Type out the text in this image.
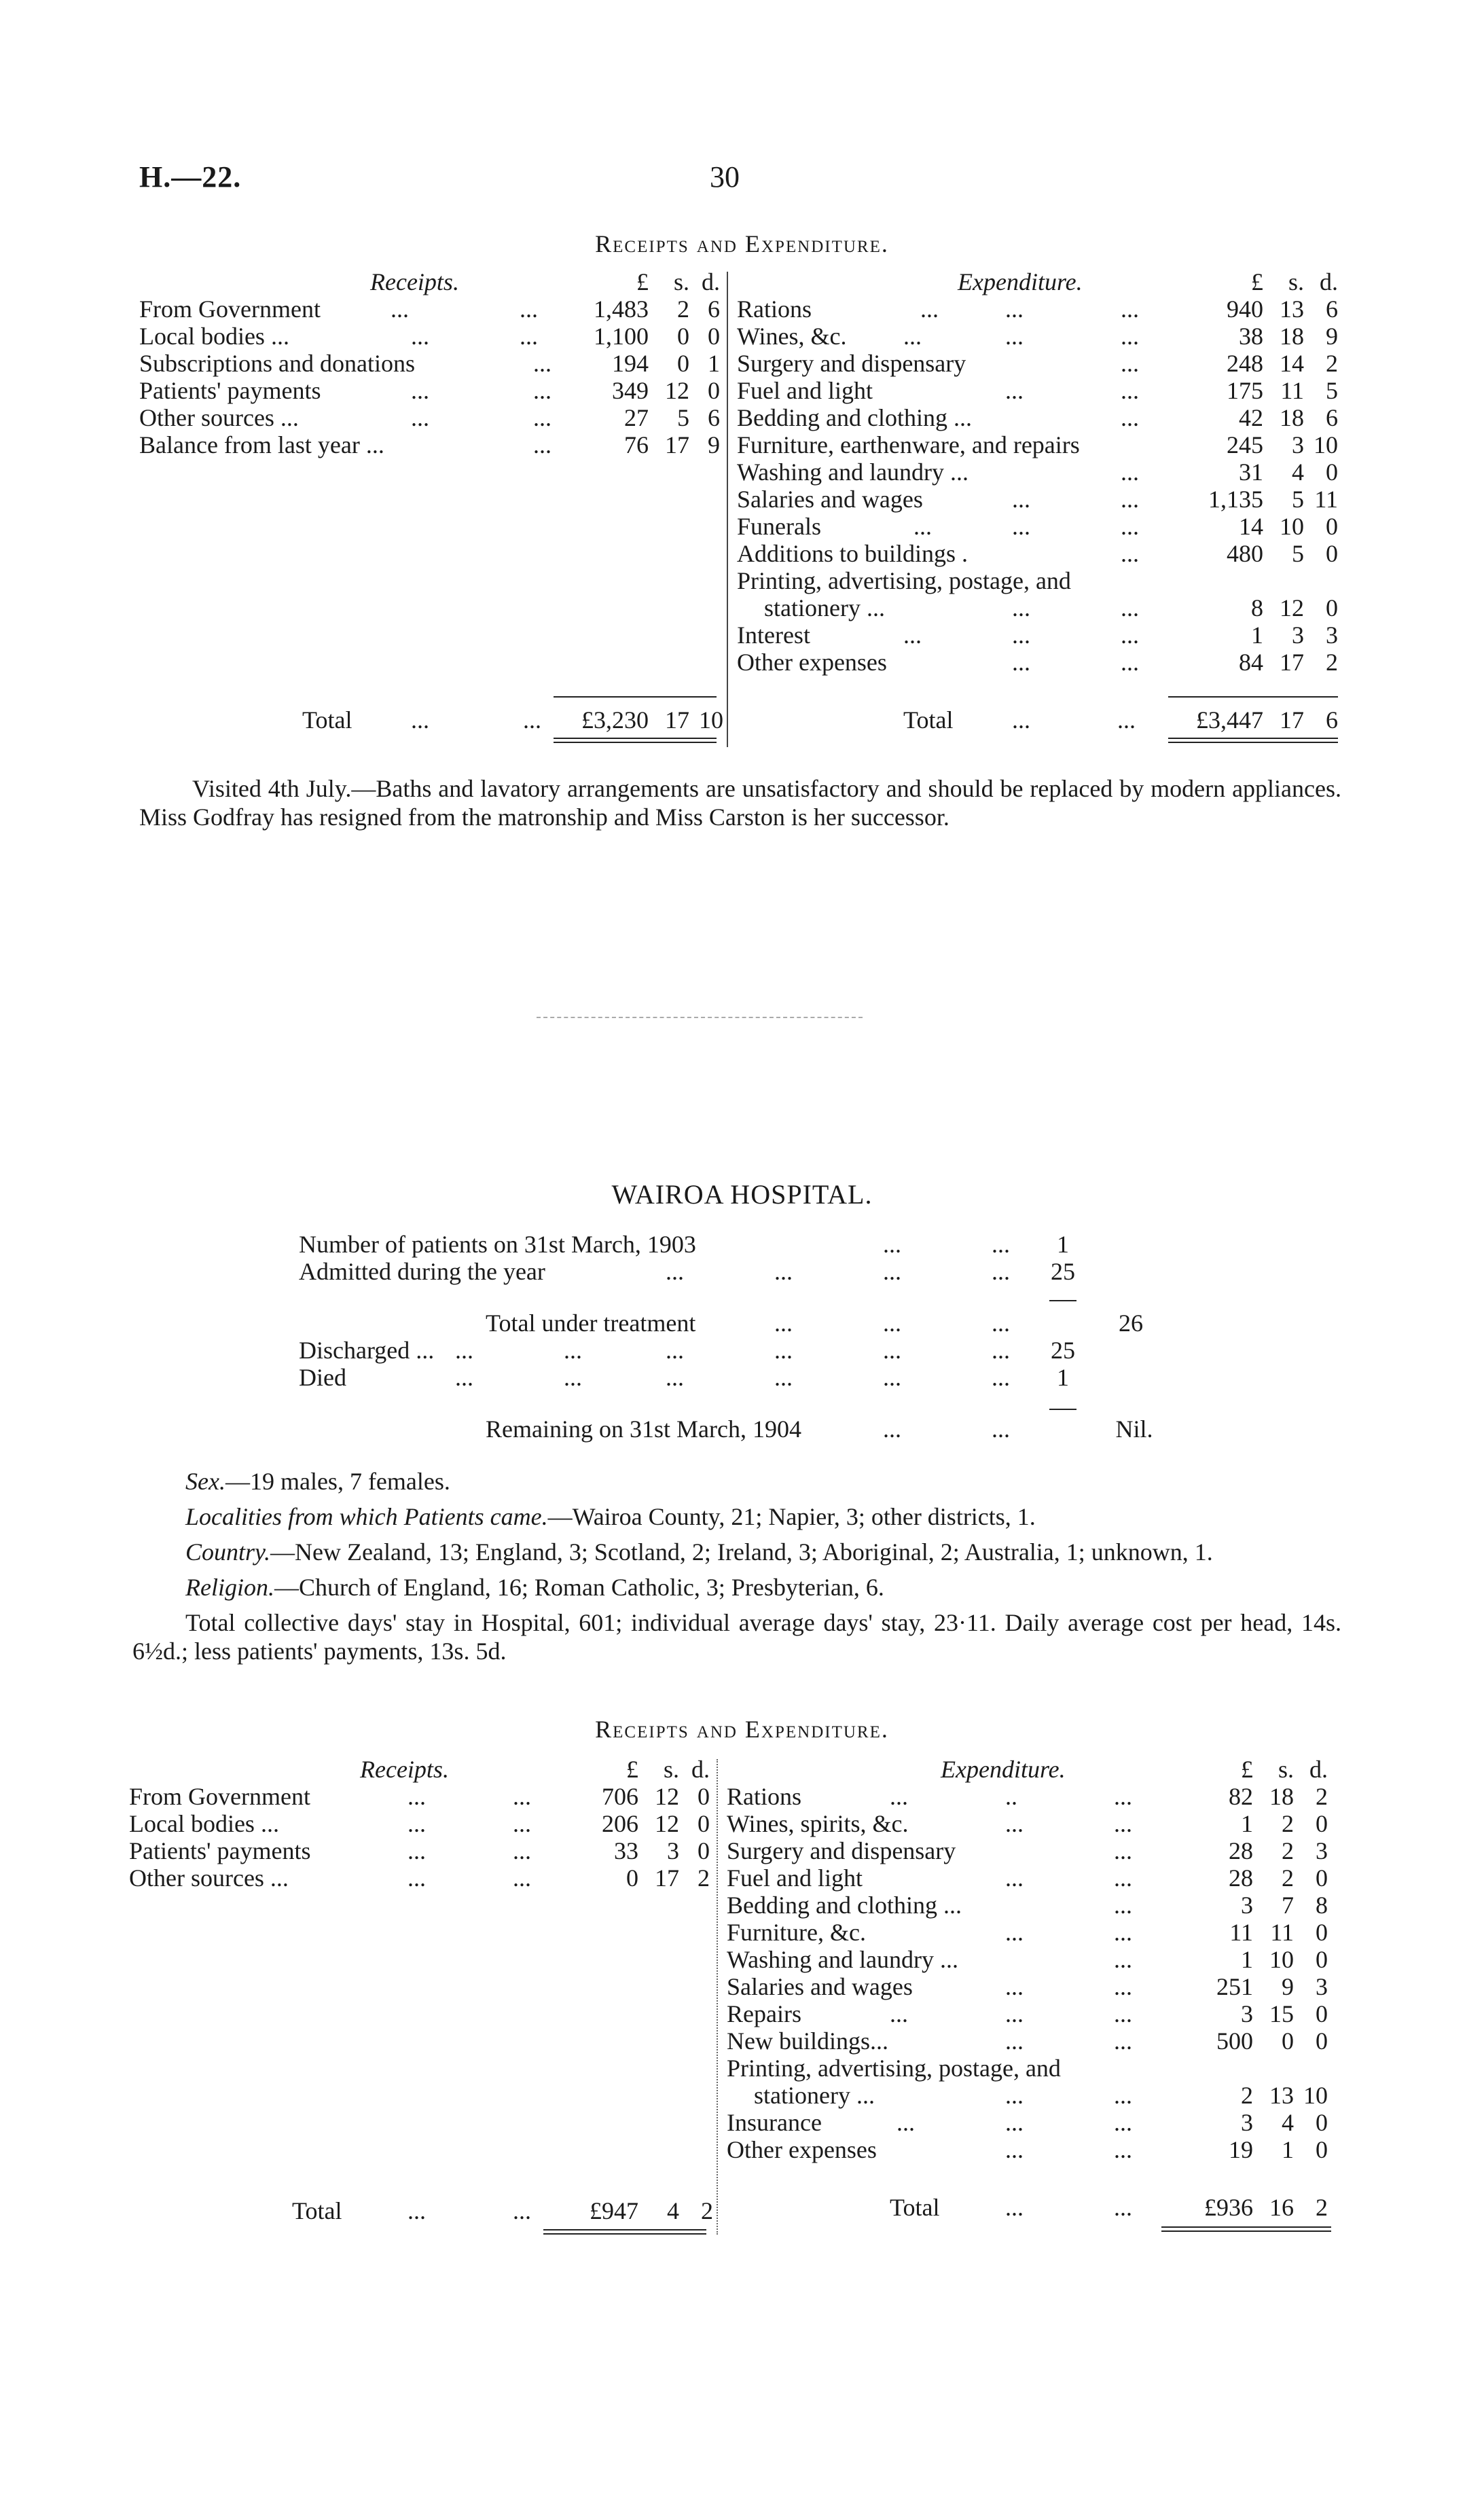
H.—22.	30
Receipts and Expenditure.
Receipts.	£	s. d.
From Government	...	...	1,483	2 6
Local bodies ...	...	...	1,100	0 0
Subscriptions and donations	...	194	0 1
Patients' payments	...	...	349 12 0
Other sources ...	...	...	27	5 6
Balance from last year ...	...	76 17 9
Total ...	...	£3,230 17 10
Expenditure.	£	s. d.
Rations	...	...	...	940 13 6
Wines, &c. ...	...	...	38 18 9
Surgery and dispensary	...	248 14 2
Fuel and light	...	...	175 11 5
Bedding and clothing ...	...	42 18 6
Furniture, earthenware, and repairs	245	3 10
Washing and laundry ...	...	31	4 0
Salaries and wages	...	...	1,135	5 11
Funerals	...	...	...	14 10 0
Additions to buildings .	...	480	5 0
Printing, advertising, postage, and
stationery ...	...	...	8 12 0
Interest	...	...	...	1	3 3
Other expenses	...	...	84 17 2
Total ...	...	£3,447 17 6
Visited 4th July.—Baths and lavatory arrangements are unsatisfactory and should be replaced by modern appliances. Miss Godfray has resigned from the matronship and Miss Carston is her successor.
WAIROA HOSPITAL.
Number of patients on 31st March, 1903	...	...	1
Admitted during the year	...	...	...	...	25
Total under treatment	...	...	...	26
Discharged ... ...	...	...	...	...	...	25
Died	...	...	...	...	...	...	1
Remaining on 31st March, 1904	...	...	Nil.

Sex.—19 males, 7 females.

Localities from which Patients came.—Wairoa County, 21; Napier, 3; other districts, 1.

Country.—New Zealand, 13; England, 3; Scotland, 2; Ireland, 3; Aboriginal, 2; Australia, 1; unknown, 1.

Religion.—Church of England, 16; Roman Catholic, 3; Presbyterian, 6.

Total collective days' stay in Hospital, 601; individual average days' stay, 23·11. Daily average cost per head, 14s. 6½d.; less patients' payments, 13s. 5d.

Receipts and Expenditure.
Receipts.	£	s. d.
From Government	...	...	706 12 0
Local bodies ...	...	...	206 12 0
Patients' payments	...	...	33	3 0
Other sources ...	...	...	0 17 2
Total	...	...	£947	4 2
Expenditure.	£	s. d.
Rations	...	..	...	82 18 2
Wines, spirits, &c.	...	...	1	2 0
Surgery and dispensary	...	28	2 3
Fuel and light	...	...	28	2 0
Bedding and clothing ...	...	3	7 8
Furniture, &c.	...	...	11 11 0
Washing and laundry ...	...	1 10 0
Salaries and wages	...	...	251	9 3
Repairs	...	...	...	3 15 0
New buildings...	...	...	500	0 0
Printing, advertising, postage, and
stationery ...	...	...	2 13 10
Insurance	...	...	...	3	4 0
Other expenses	...	...	19	1 0
Total	...	...	£936 16 2
